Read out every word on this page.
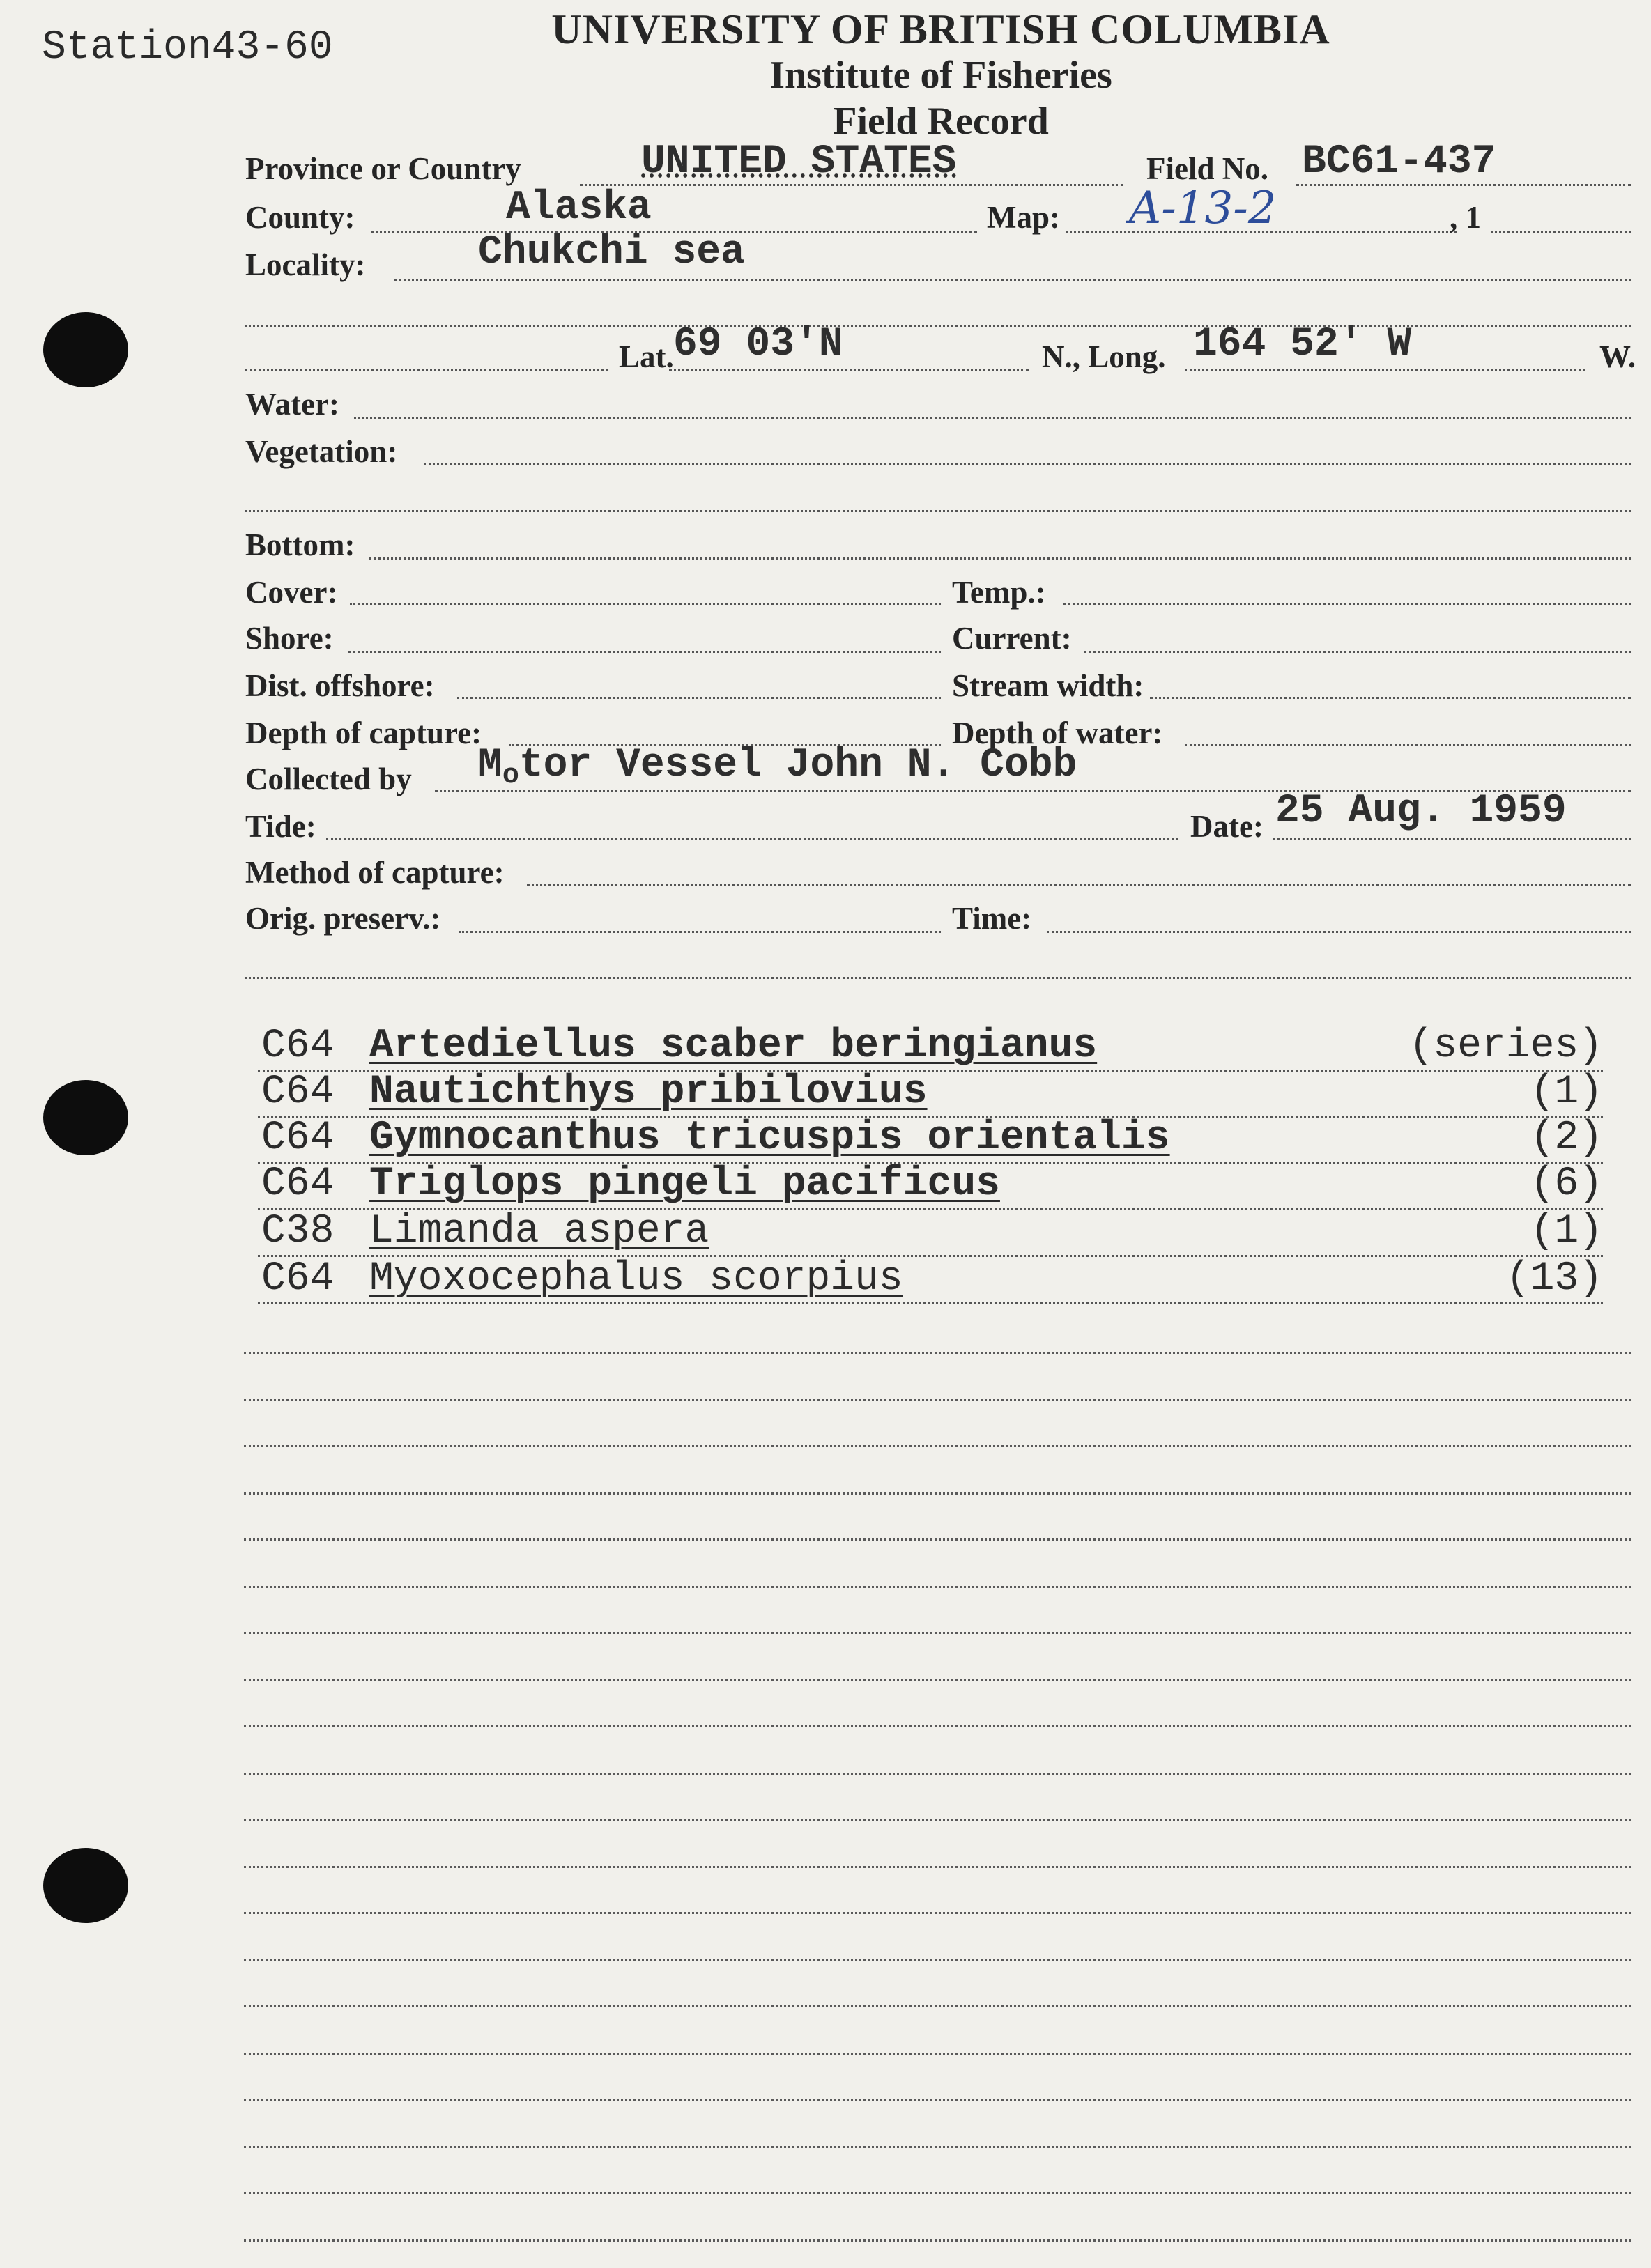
Station43-60	UNIVERSITY OF BRITISH COLUMBIA
Institute of Fisheries
Field Record
Province or Country	UNITED STATES	Field No. BC61-437
County:	Alaska	Map: A-13-2	, 1
Locality:	Chukchi sea
Lat. 69 03'N	N., Long. 164 52' W	W.
Water:
Vegetation:
Bottom:
Cover:	Temp.:
Shore:	Current:
Dist. offshore:	Stream width:
Depth of capture:	Depth of water:
Collected by Motor Vessel John N. Cobb
Tide:	Date: 25 Aug. 1959
Method of capture:
Orig. preserv.:	Time:
C64 Artediellus scaber beringianus	(series)
C64 Nautichthys pribilovius	(1)
C64 Gymnocanthus tricuspis orientalis	(2)
C64 Triglops pingeli pacificus	(6)
C38 Limanda aspera	(1)
C64 Myoxocephalus scorpius	(13)
